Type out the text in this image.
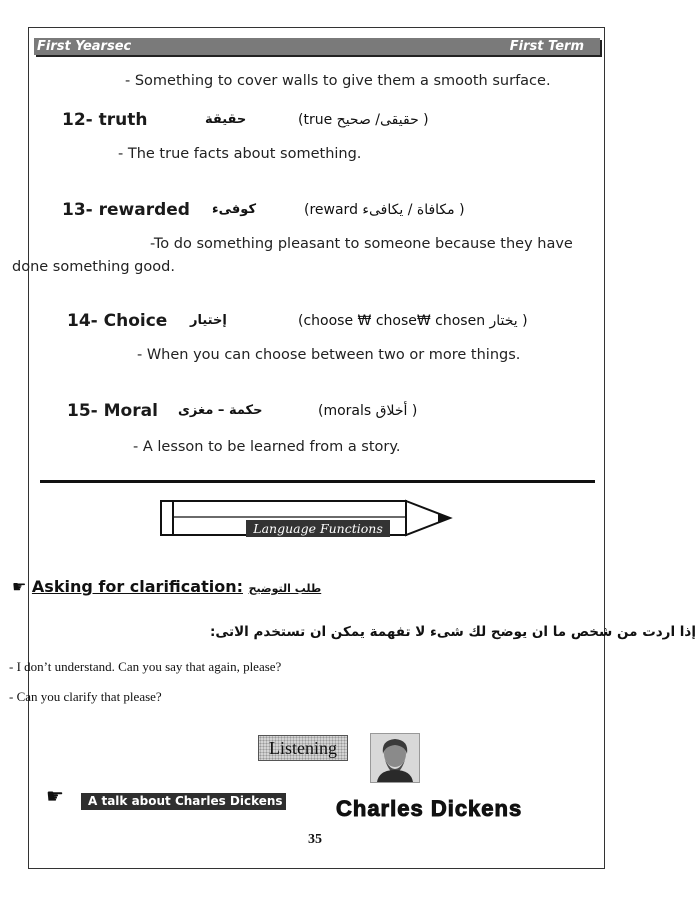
First Yearsec	First Term
- Something to cover walls to give them a smooth surface.
12- truth	حقيقة	(true حقيقى/ صحيح )
- The true facts about something.
13- rewarded كوفىء	(reward مكافاة / يكافىء )
-To do something pleasant to someone because they have
done something good.
14- Choice إختيار	(choose ₩ chose₩ chosen يختار )
- When you can choose between two or more things.
15- Moral حكمة – مغزى	(morals أخلاق )
- A lesson to be learned from a story.
Language Functions
☛ Asking for clarification: طلب التوضيح
إذا اردت من شخص ما ان يوضح لك شىء لا تفهمة يمكن ان تستخدم الاتى:
- I don’t understand. Can you say that again, please?
- Can you clarify that please?
Listening
☛	Charles Dickens
A talk about Charles Dickens
35
